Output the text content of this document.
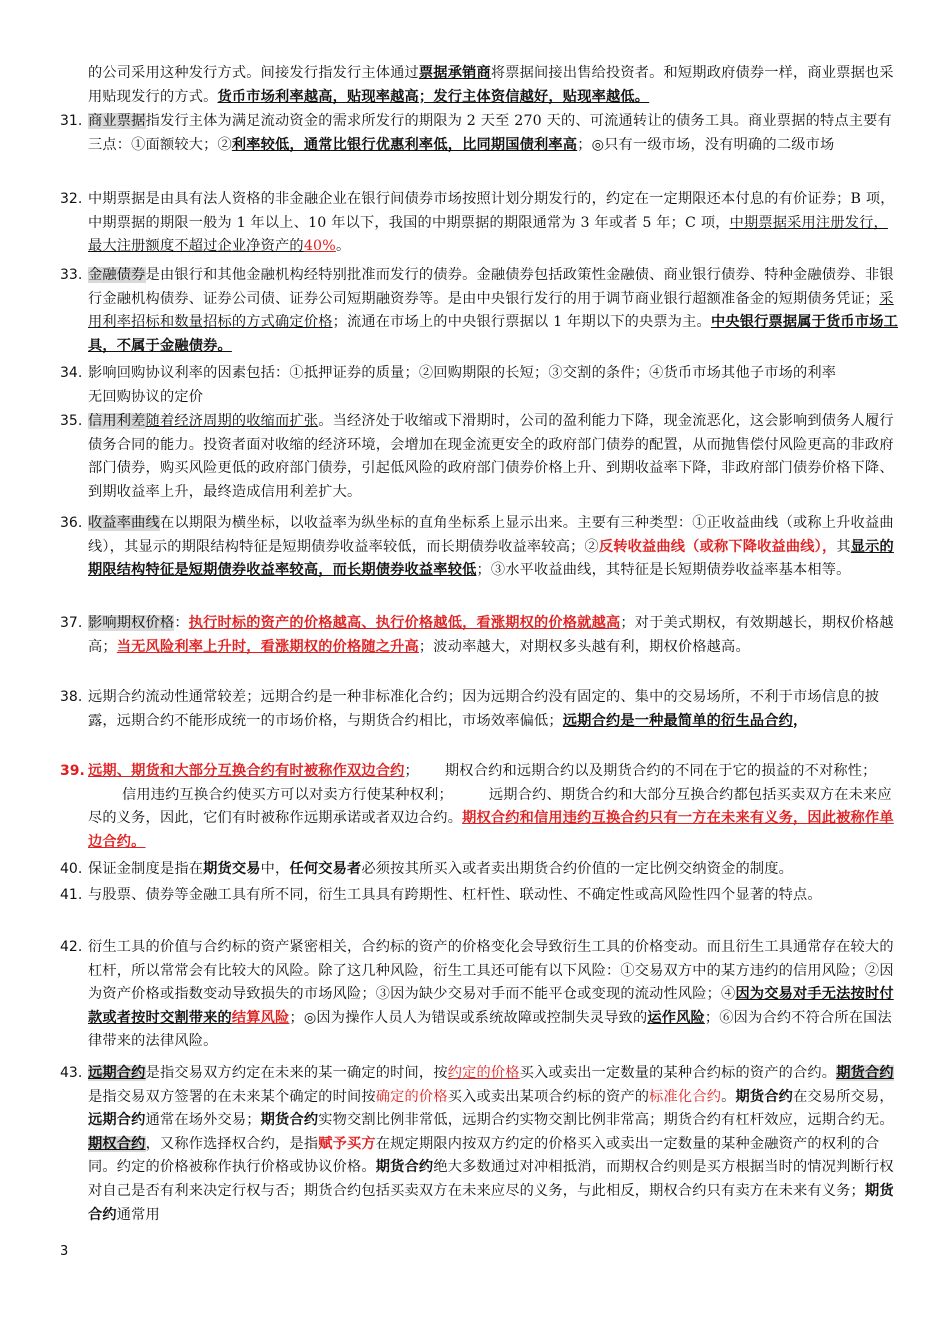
的公司采用这种发行方式。间接发行指发行主体通过票据承销商将票据间接出售给投资者。和短期政府债券一样，商业票据也采用贴现发行的方式。货币市场利率越高，贴现率越高；发行主体资信越好，贴现率越低。
31. 商业票据指发行主体为满足流动资金的需求所发行的期限为 2 天至 270 天的、可流通转让的债务工具。商业票据的特点主要有三点：①面额较大；②利率较低，通常比银行优惠利率低，比同期国债利率高；◎只有一级市场，没有明确的二级市场
32. 中期票据是由具有法人资格的非金融企业在银行间债券市场按照计划分期发行的，约定在一定期限还本付息的有价证券；B 项，中期票据的期限一般为 1 年以上、10 年以下，我国的中期票据的期限通常为 3 年或者 5 年；C 项，中期票据采用注册发行，最大注册额度不超过企业净资产的40%。
33. 金融债券是由银行和其他金融机构经特别批准而发行的债券。金融债券包括政策性金融债、商业银行债券、特种金融债券、非银行金融机构债券、证券公司债、证券公司短期融资券等。是由中央银行发行的用于调节商业银行超额准备金的短期债务凭证；采用利率招标和数量招标的方式确定价格；流通在市场上的中央银行票据以 1 年期以下的央票为主。中央银行票据属于货币市场工具，不属于金融债券。
34. 影响回购协议利率的因素包括：①抵押证券的质量；②回购期限的长短；③交割的条件；④货币市场其他子市场的利率无回购协议的定价
35. 信用利差随着经济周期的收缩而扩张。当经济处于收缩或下滑期时，公司的盈利能力下降，现金流恶化，这会影响到债务人履行债务合同的能力。投资者面对收缩的经济环境，会增加在现金流更安全的政府部门债券的配置，从而抛售偿付风险更高的非政府部门债券，购买风险更低的政府部门债券，引起低风险的政府部门债券价格上升、到期收益率下降，非政府部门债券价格下降、到期收益率上升，最终造成信用利差扩大。
36. 收益率曲线在以期限为横坐标，以收益率为纵坐标的直角坐标系上显示出来。主要有三种类型：①正收益曲线（或称上升收益曲线），其显示的期限结构特征是短期债券收益率较低，而长期债券收益率较高；②反转收益曲线（或称下降收益曲线），其显示的期限结构特征是短期债券收益率较高，而长期债券收益率较低；③水平收益曲线，其特征是长短期债券收益率基本相等。
37. 影响期权价格：执行时标的资产的价格越高、执行价格越低，看涨期权的价格就越高；对于美式期权，有效期越长，期权价格越高；当无风险利率上升时，看涨期权的价格随之升高；波动率越大，对期权多头越有利，期权价格越高。
38. 远期合约流动性通常较差；远期合约是一种非标准化合约；因为远期合约没有固定的、集中的交易场所，不利于市场信息的披露，远期合约不能形成统一的市场价格，与期货合约相比，市场效率偏低；远期合约是一种最简单的衍生品合约，
39. 远期、期货和大部分互换合约有时被称作双边合约； 期权合约和远期合约以及期货合约的不同在于它的损益的不对称性；信用违约互换合约使买方可以对卖方行使某种权利；	远期合约、期货合约和大部分互换合约都包括买卖双方在未来应尽的义务，因此，它们有时被称作远期承诺或者双边合约。期权合约和信用违约互换合约只有一方在未来有义务，因此被称作单边合约。
40. 保证金制度是指在期货交易中，任何交易者必须按其所买入或者卖出期货合约价值的一定比例交纳资金的制度。
41. 与股票、债券等金融工具有所不同，衍生工具具有跨期性、杠杆性、联动性、不确定性或高风险性四个显著的特点。
42. 衍生工具的价值与合约标的资产紧密相关，合约标的资产的价格变化会导致衍生工具的价格变动。而且衍生工具通常存在较大的杠杆，所以常常会有比较大的风险。除了这几种风险，衍生工具还可能有以下风险：①交易双方中的某方违约的信用风险；②因为资产价格或指数变动导致损失的市场风险；③因为缺少交易对手而不能平仓或变现的流动性风险；④因为交易对手无法按时付款或者按时交割带来的结算风险；◎因为操作人员人为错误或系统故障或控制失灵导致的运作风险；⑥因为合约不符合所在国法律带来的法律风险。
43. 远期合约是指交易双方约定在未来的某一确定的时间，按约定的价格买入或卖出一定数量的某种合约标的资产的合约。期货合约是指交易双方签署的在未来某个确定的时间按确定的价格买入或卖出某项合约标的资产的标准化合约。期货合约在交易所交易，远期合约通常在场外交易；期货合约实物交割比例非常低，远期合约实物交割比例非常高；期货合约有杠杆效应，远期合约无。期权合约，又称作选择权合约，是指赋予买方在规定期限内按双方约定的价格买入或卖出一定数量的某种金融资产的权利的合同。约定的价格被称作执行价格或协议价格。期货合约绝大多数通过对冲相抵消，而期权合约则是买方根据当时的情况判断行权对自己是否有利来决定行权与否；期货合约包括买卖双方在未来应尽的义务，与此相反，期权合约只有卖方在未来有义务；期货合约通常用
3
